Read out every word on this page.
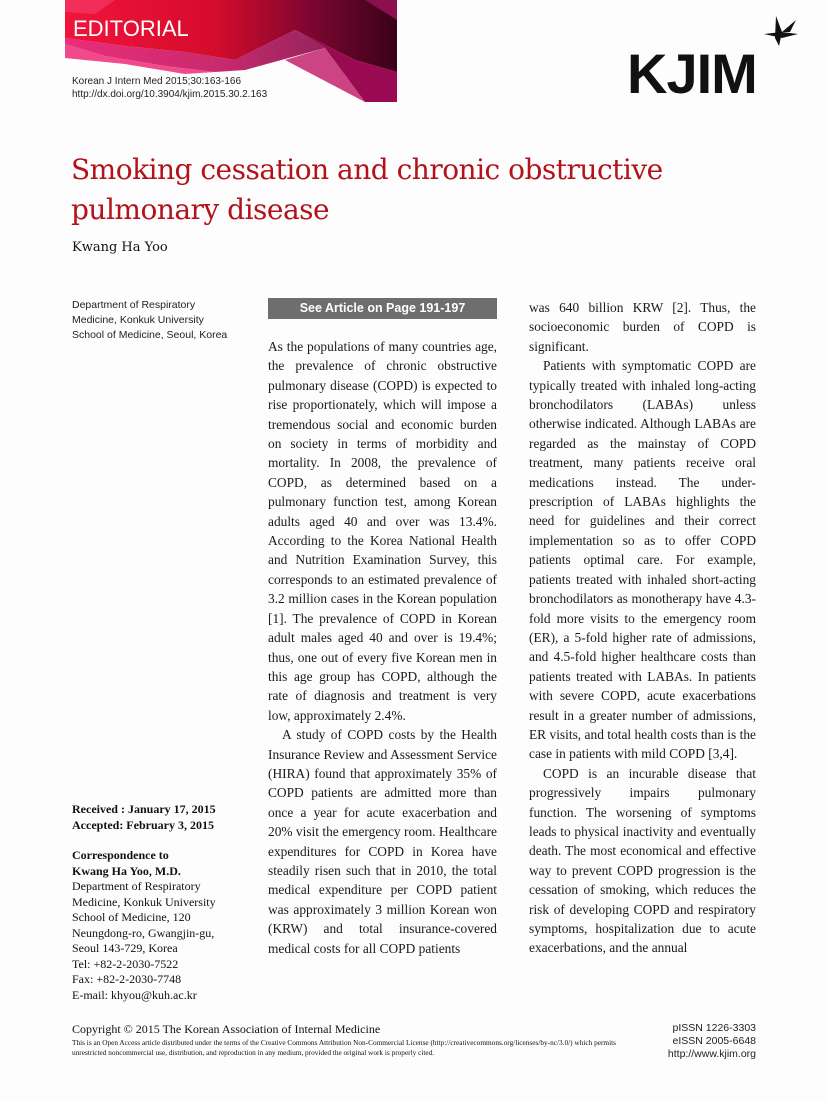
EDITORIAL
Korean J Intern Med 2015;30:163-166
http://dx.doi.org/10.3904/kjim.2015.30.2.163	KJIM
Smoking cessation and chronic obstructive pulmonary disease
Kwang Ha Yoo
Department of Respiratory
Medicine, Konkuk University
School of Medicine, Seoul, Korea
See Article on Page 191-197

As the populations of many countries age, the prevalence of chronic obstructive pulmonary disease (COPD) is expected to rise proportionately, which will impose a tremendous social and economic burden on society in terms of morbidity and mortality. In 2008, the prevalence of COPD, as determined based on a pulmonary function test, among Korean adults aged 40 and over was 13.4%. According to the Korea National Health and Nutrition Examination Survey, this corresponds to an estimated prevalence of 3.2 million cases in the Korean population [1]. The prevalence of COPD in Korean adult males aged 40 and over is 19.4%; thus, one out of every five Korean men in this age group has COPD, although the rate of diagnosis and treatment is very low, approximately 2.4%.

A study of COPD costs by the Health Insurance Review and Assessment Service (HIRA) found that approximately 35% of COPD patients are admitted more than once a year for acute exacerbation and 20% visit the emergency room. Healthcare expenditures for COPD in Korea have steadily risen such that in 2010, the total medical expenditure per COPD patient was approximately 3 million Korean won (KRW) and total insurance-covered medical costs for all COPD patients

was 640 billion KRW [2]. Thus, the socioeconomic burden of COPD is significant.

Patients with symptomatic COPD are typically treated with inhaled long-acting bronchodilators (LABAs) unless otherwise indicated. Although LABAs are regarded as the mainstay of COPD treatment, many patients receive oral medications instead. The under-prescription of LABAs highlights the need for guidelines and their correct implementation so as to offer COPD patients optimal care. For example, patients treated with inhaled short-acting bronchodilators as monotherapy have 4.3-fold more visits to the emergency room (ER), a 5-fold higher rate of admissions, and 4.5-fold higher healthcare costs than patients treated with LABAs. In patients with severe COPD, acute exacerbations result in a greater number of admissions, ER visits, and total health costs than is the case in patients with mild COPD [3,4].

COPD is an incurable disease that progressively impairs pulmonary function. The worsening of symptoms leads to physical inactivity and eventually death. The most economical and effective way to prevent COPD progression is the cessation of smoking, which reduces the risk of developing COPD and respiratory symptoms, hospitalization due to acute exacerbations, and the annual

Received : January 17, 2015
Accepted: February 3, 2015
Correspondence to
Kwang Ha Yoo, M.D.
Department of Respiratory
Medicine, Konkuk University
School of Medicine, 120
Neungdong-ro, Gwangjin-gu,
Seoul 143-729, Korea
Tel: +82-2-2030-7522
Fax: +82-2-2030-7748
E-mail: khyou@kuh.ac.kr
Copyright © 2015 The Korean Association of Internal Medicine
This is an Open Access article distributed under the terms of the Creative Commons Attribution Non-Commercial License (http://creativecommons.org/licenses/by-nc/3.0/) which permits unrestricted noncommercial use, distribution, and reproduction in any medium, provided the original work is properly cited.
pISSN 1226-3303
eISSN 2005-6648
http://www.kjim.org
